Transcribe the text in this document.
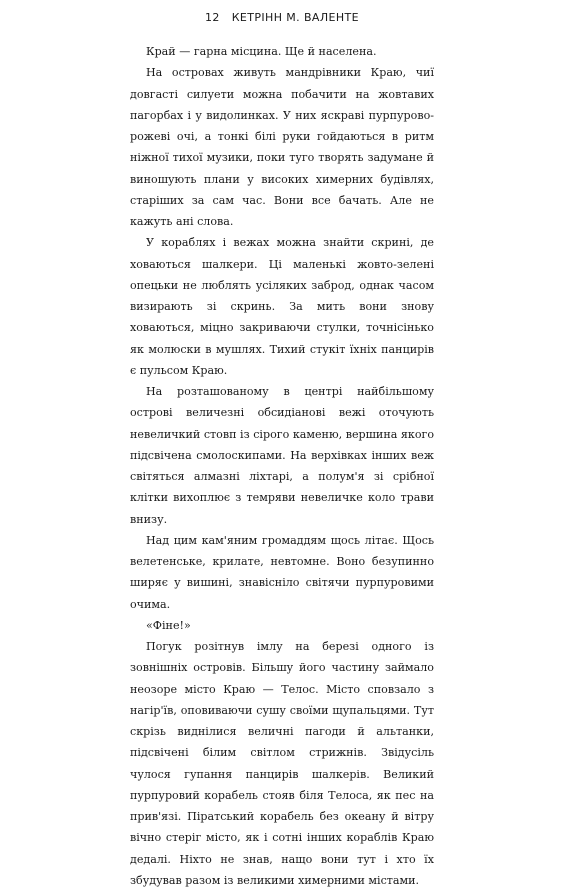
12 КЕТРІНН М. ВАЛЕНТЕ

Край — гарна місцина. Ще й населена.

На островах живуть мандрівники Краю, чиї довгасті силуети можна побачити на жовтавих пагорбах і у видолинках. У них яскраві пурпурово-рожеві очі, а тонкі білі руки гойдаються в ритм ніжної тихої музики, поки туго творять задумане й виношують плани у високих химерних будівлях, старіших за сам час. Вони все бачать. Але не кажуть ані слова.

У кораблях і вежах можна знайти скрині, де ховаються шалкери. Ці маленькі жовто-зелені опецьки не люблять усіляких заброд, однак часом визирають зі скринь. За мить вони знову ховаються, міцно закриваючи стулки, точнісінько як молюски в мушлях. Тихий стукіт їхніх панцирів є пульсом Краю.

На розташованому в центрі найбільшому острові величезні обсидіанові вежі оточують невеличкий стовп із сірого каменю, вершина якого підсвічена смолоскипами. На верхівках інших веж світяться алмазні ліхтарі, а полум'я зі срібної клітки вихоплює з темряви невеличке коло трави внизу.

Над цим кам'яним громаддям щось літає. Щось велетенське, крилате, невтомне. Воно безупинно ширяє у вишині, знавісніло світячи пурпуровими очима.

«Фіне!»

Погук розітнув імлу на березі одного із зовнішніх островів. Більшу його частину займало неозоре місто Краю — Телос. Місто сповзало з нагір'їв, оповиваючи сушу своїми щупальцями. Тут скрізь виднілися величні пагоди й альтанки, підсвічені білим світлом стрижнів. Звідусіль чулося гупання панцирів шалкерів. Великий пурпуровий корабель стояв біля Телоса, як пес на прив'язі. Піратський корабель без океану й вітру вічно стеріг місто, як і сотні інших кораблів Краю дедалі. Ніхто не знав, нащо вони тут і хто їх збудував разом із великими химерними містами.
